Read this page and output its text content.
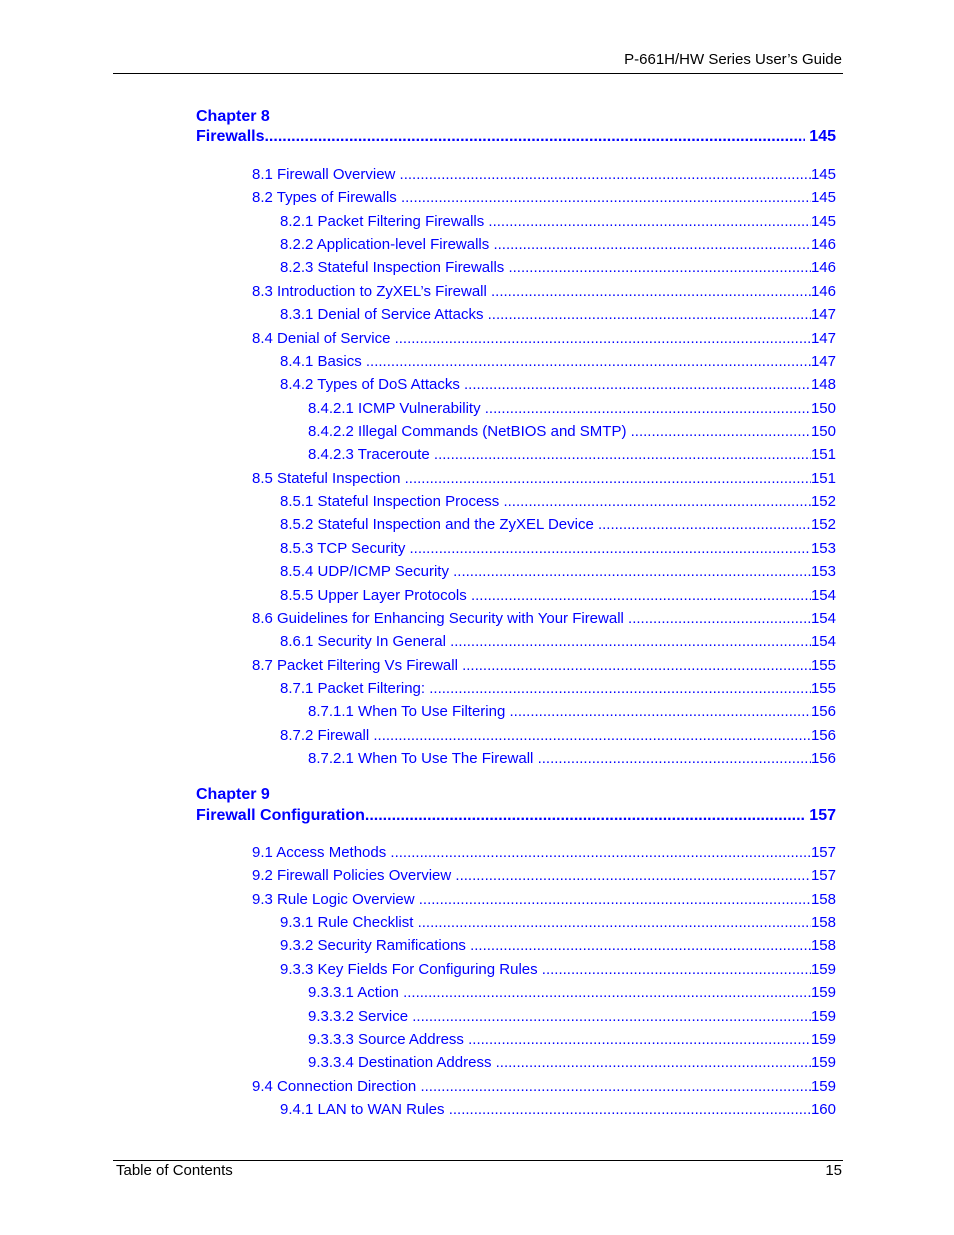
P-661H/HW Series User’s Guide
Chapter 8
Firewalls .....	145
8.1 Firewall Overview .....	145
8.2 Types of Firewalls .....	145
8.2.1 Packet Filtering Firewalls .....	145
8.2.2 Application-level Firewalls .....	146
8.2.3 Stateful Inspection Firewalls .....	146
8.3 Introduction to ZyXEL’s Firewall .....	146
8.3.1 Denial of Service Attacks .....	147
8.4 Denial of Service .....	147
8.4.1 Basics .....	147
8.4.2 Types of DoS Attacks .....	148
8.4.2.1 ICMP Vulnerability .....	150
8.4.2.2 Illegal Commands (NetBIOS and SMTP) .....	150
8.4.2.3 Traceroute .....	151
8.5 Stateful Inspection .....	151
8.5.1 Stateful Inspection Process .....	152
8.5.2 Stateful Inspection and the ZyXEL Device .....	152
8.5.3 TCP Security .....	153
8.5.4 UDP/ICMP Security .....	153
8.5.5 Upper Layer Protocols .....	154
8.6 Guidelines for Enhancing Security with Your Firewall .....	154
8.6.1 Security In General .....	154
8.7 Packet Filtering Vs Firewall .....	155
8.7.1 Packet Filtering: .....	155
8.7.1.1 When To Use Filtering .....	156
8.7.2 Firewall .....	156
8.7.2.1 When To Use The Firewall .....	156
Chapter 9
Firewall Configuration .....	157
9.1 Access Methods .....	157
9.2 Firewall Policies Overview .....	157
9.3 Rule Logic Overview .....	158
9.3.1 Rule Checklist .....	158
9.3.2 Security Ramifications .....	158
9.3.3 Key Fields For Configuring Rules .....	159
9.3.3.1 Action .....	159
9.3.3.2 Service .....	159
9.3.3.3 Source Address .....	159
9.3.3.4 Destination Address .....	159
9.4 Connection Direction .....	159
9.4.1 LAN to WAN Rules .....	160
Table of Contents	15
